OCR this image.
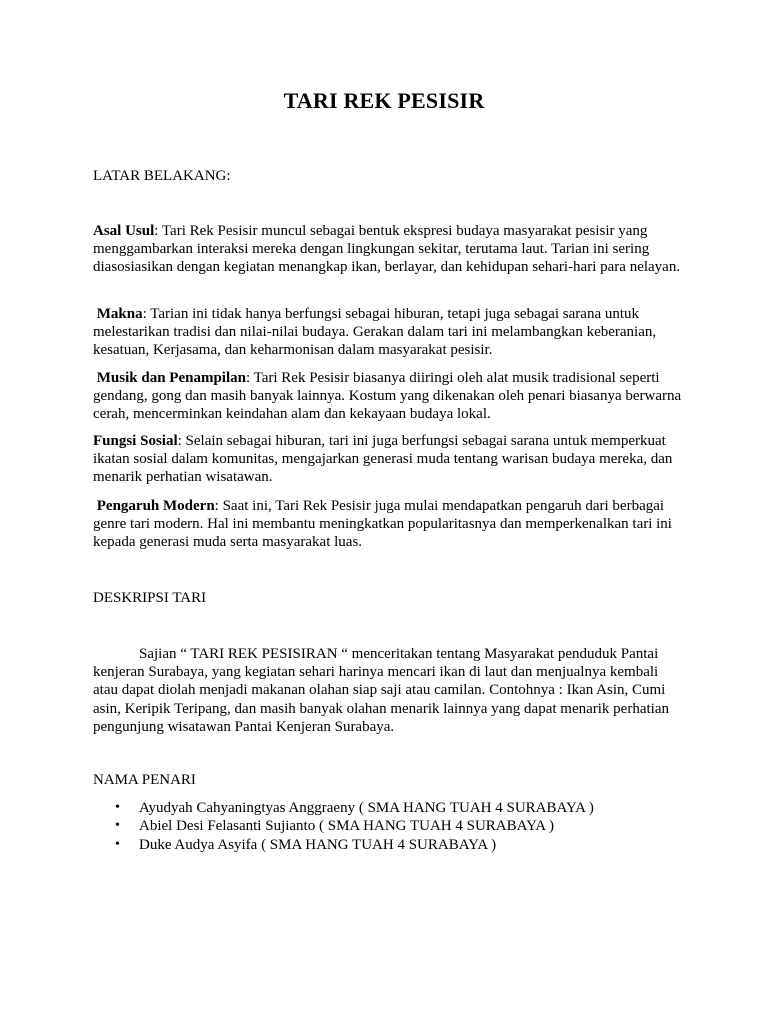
TARI REK PESISIR
LATAR BELAKANG:

Asal Usul: Tari Rek Pesisir muncul sebagai bentuk ekspresi budaya masyarakat pesisir yang menggambarkan interaksi mereka dengan lingkungan sekitar, terutama laut. Tarian ini sering diasosiasikan dengan kegiatan menangkap ikan, berlayar, dan kehidupan sehari-hari para nelayan.

Makna: Tarian ini tidak hanya berfungsi sebagai hiburan, tetapi juga sebagai sarana untuk melestarikan tradisi dan nilai-nilai budaya. Gerakan dalam tari ini melambangkan keberanian, kesatuan, Kerjasama, dan keharmonisan dalam masyarakat pesisir.

Musik dan Penampilan: Tari Rek Pesisir biasanya diiringi oleh alat musik tradisional seperti gendang, gong dan masih banyak lainnya. Kostum yang dikenakan oleh penari biasanya berwarna cerah, mencerminkan keindahan alam dan kekayaan budaya lokal.

Fungsi Sosial: Selain sebagai hiburan, tari ini juga berfungsi sebagai sarana untuk memperkuat ikatan sosial dalam komunitas, mengajarkan generasi muda tentang warisan budaya mereka, dan menarik perhatian wisatawan.

Pengaruh Modern: Saat ini, Tari Rek Pesisir juga mulai mendapatkan pengaruh dari berbagai genre tari modern. Hal ini membantu meningkatkan popularitasnya dan memperkenalkan tari ini kepada generasi muda serta masyarakat luas.

DESKRIPSI TARI

Sajian “ TARI REK PESISIRAN “ menceritakan tentang Masyarakat penduduk Pantai kenjeran Surabaya, yang kegiatan sehari harinya mencari ikan di laut dan menjualnya kembali atau dapat diolah menjadi makanan olahan siap saji atau camilan. Contohnya : Ikan Asin, Cumi asin, Keripik Teripang, dan masih banyak olahan menarik lainnya yang dapat menarik perhatian pengunjung wisatawan Pantai Kenjeran Surabaya.

NAMA PENARI
• Ayudyah Cahyaningtyas Anggraeny ( SMA HANG TUAH 4 SURABAYA )
• Abiel Desi Felasanti Sujianto ( SMA HANG TUAH 4 SURABAYA )
• Duke Audya Asyifa ( SMA HANG TUAH 4 SURABAYA )
